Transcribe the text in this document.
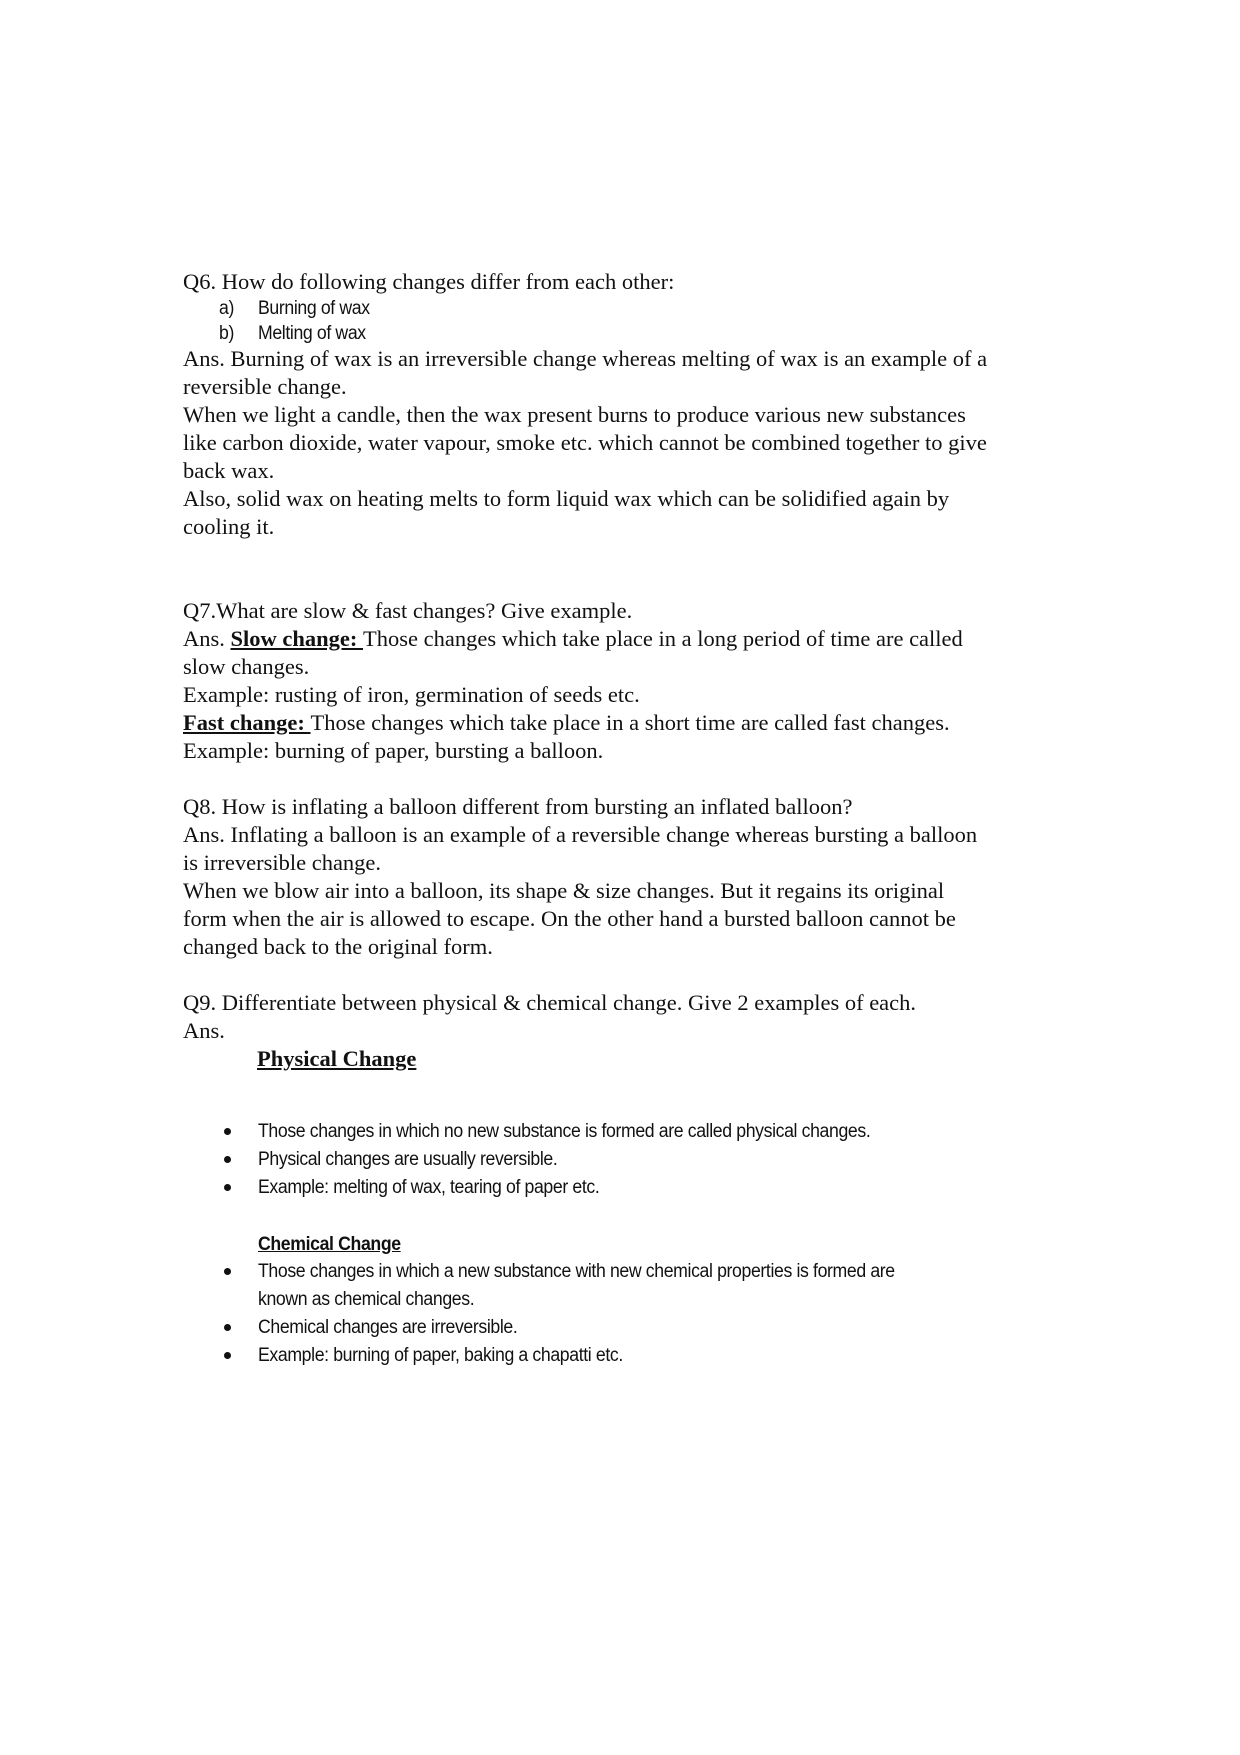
Q6. How do following changes differ from each other:
a)	Burning of wax
b)	Melting of wax
Ans. Burning of wax is an irreversible change whereas melting of wax is an example of a
reversible change.
When we light a candle, then the wax present burns to produce various new substances
like carbon dioxide, water vapour, smoke etc. which cannot be combined together to give
back wax.
Also, solid wax on heating melts to form liquid wax which can be solidified again by
cooling it.
Q7.What are slow & fast changes? Give example.
Ans. Slow change: Those changes which take place in a long period of time are called
slow changes.
Example: rusting of iron, germination of seeds etc.
Fast change: Those changes which take place in a short time are called fast changes.
Example: burning of paper, bursting a balloon.
Q8. How is inflating a balloon different from bursting an inflated balloon?
Ans. Inflating a balloon is an example of a reversible change whereas bursting a balloon
is irreversible change.
When we blow air into a balloon, its shape & size changes. But it regains its original
form when the air is allowed to escape. On the other hand a bursted balloon cannot be
changed back to the original form.
Q9. Differentiate between physical & chemical change. Give 2 examples of each.
Ans.
Physical Change
Those changes in which no new substance is formed are called physical changes.
Physical changes are usually reversible.
Example: melting of wax, tearing of paper etc.
Chemical Change
Those changes in which a new substance with new chemical properties is formed are
known as chemical changes.
Chemical changes are irreversible.
Example: burning of paper, baking a chapatti etc.
